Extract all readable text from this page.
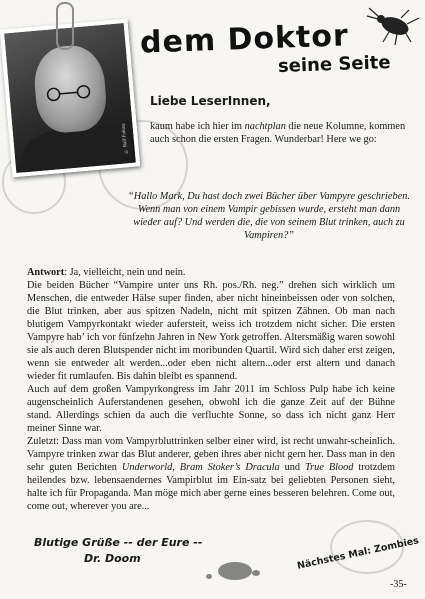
© Ralf Fokina
dem Doktor
seine Seite
Liebe LeserInnen,
kaum habe ich hier im nachtplan die neue Kolumne, kommen auch schon die ersten Fragen. Wunderbar! Here we go:
“Hallo Mark, Du hast doch zwei Bücher über Vampyre geschrieben. Wenn man von einem Vampir gebissen wurde, ersteht man dann wieder auf? Und werden die, die von seinem Blut trinken, auch zu Vampiren?”

Antwort: Ja, vielleicht, nein und nein.

Die beiden Bücher “Vampire unter uns Rh. pos./Rh. neg.” drehen sich wirklich um Menschen, die entweder Hälse super finden, aber nicht hineinbeissen oder von solchen, die Blut trinken, aber aus spitzen Nadeln, nicht mit spitzen Zähnen. Ob man nach blutigem Vampyrkontakt wieder aufersteit, weiss ich trotzdem nicht sicher. Die ersten Vampyre hab’ ich vor fünfzehn Jahren in New York getroffen. Altersmäßig waren sowohl sie als auch deren Blutspender nicht im moribunden Quartil. Wird sich daher erst zeigen, wenn sie entweder alt werden...oder eben nicht altern...oder erst altern und danach wieder fit rumlaufen. Bis dahin bleibt es spannend.

Auch auf dem großen Vampyrkongress im Jahr 2011 im Schloss Pulp habe ich keine augenscheinlich Auferstandenen gesehen, obwohl ich die ganze Zeit auf der Bühne stand. Allerdings schien da auch die verfluchte Sonne, so dass ich nicht ganz Herr meiner Sinne war.

Zuletzt: Dass man vom Vampyrbluttrinken selber einer wird, ist recht unwahr-scheinlich. Vampyre trinken zwar das Blut anderer, geben ihres aber nicht gern her. Dass man in den sehr guten Berichten Underworld, Bram Stoker’s Dracula und True Blood trotzdem heilendes bzw. lebensaendernes Vampirblut im Ein-satz bei geliebten Personen sieht, halte ich für Propaganda. Man möge mich aber gerne eines besseren belehren. Come out, come out, wherever you are...

Blutige Grüße -- der Eure --
Dr. Doom	Nächstes Mal: Zombies
-35-
